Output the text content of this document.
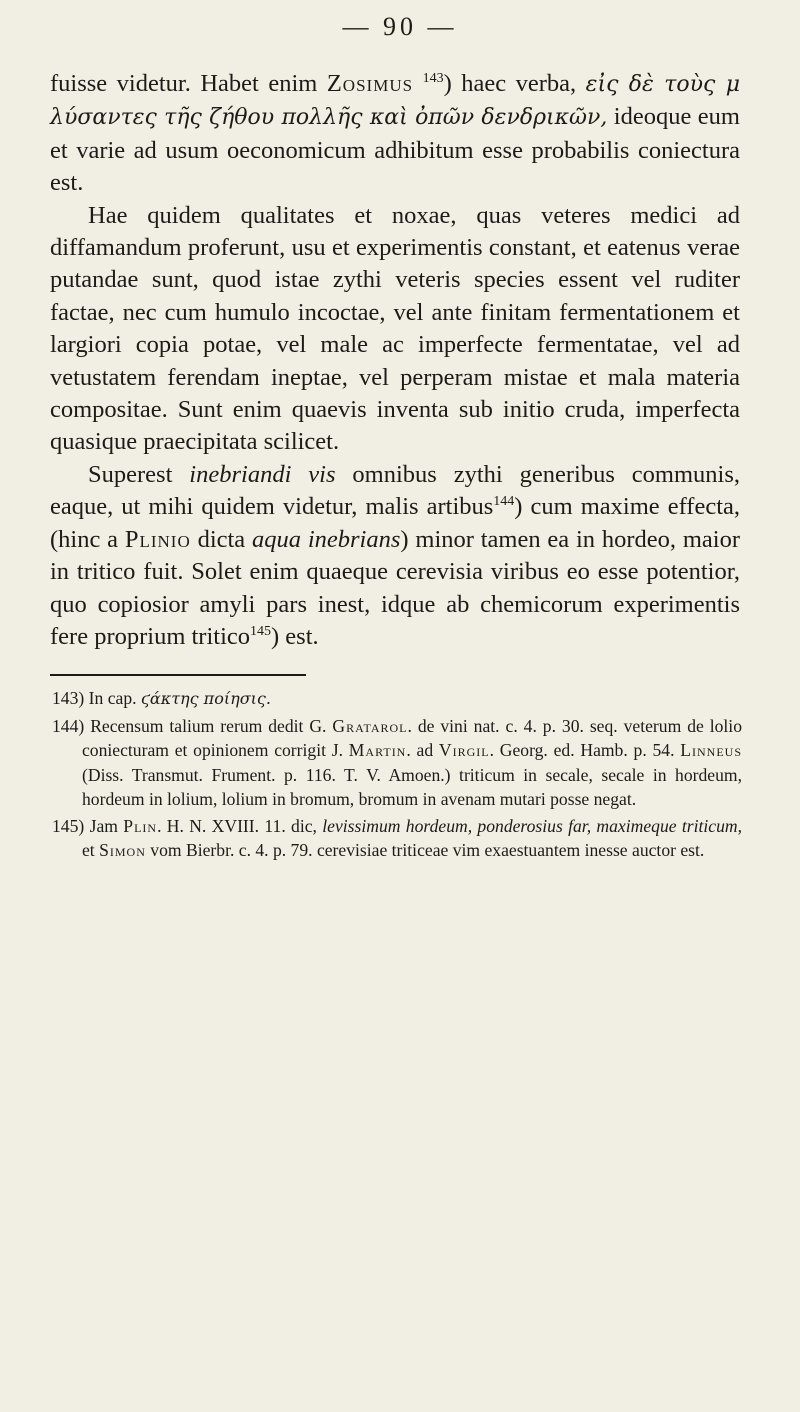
— 90 —

fuisse videtur. Habet enim Zosimus $^{143}$) haec verba, εἰς δὲ τοὺς μ λύσαντες τῆς ζήθου πολλῆς καὶ ὀπῶν δενδρικῶν, ideoque eum et varie ad usum oeconomicum adhibitum esse probabilis coniectura est.

Hae quidem qualitates et noxae, quas veteres medici ad diffamandum proferunt, usu et experimentis constant, et eatenus verae putandae sunt, quod istae zythi veteris species essent vel ruditer factae, nec cum humulo incoctae, vel ante finitam fermentationem et largiori copia potae, vel male ac imperfecte fermentatae, vel ad vetustatem ferendam ineptae, vel perperam mistae et mala materia compositae. Sunt enim quaevis inventa sub initio cruda, imperfecta quasique praecipitata scilicet.

Superest inebriandi vis omnibus zythi generibus communis, eaque, ut mihi quidem videtur, malis artibus$^{144}$) cum maxime effecta, (hinc a Plinio dicta aqua inebrians) minor tamen ea in hordeo, maior in tritico fuit. Solet enim quaeque cerevisia viribus eo esse potentior, quo copiosior amyli pars inest, idque ab chemicorum experimentis fere proprium tritico$^{145}$) est.

143) In cap. ϛάκτης ποίησις.

144) Recensum talium rerum dedit G. Gratarol. de vini nat. c. 4. p. 30. seq. veterum de lolio coniecturam et opinionem corrigit J. Martin. ad Virgil. Georg. ed. Hamb. p. 54. Linneus (Diss. Transmut. Frument. p. 116. T. V. Amoen.) triticum in secale, secale in hordeum, hordeum in lolium, lolium in bromum, bromum in avenam mutari posse negat.

145) Jam Plin. H. N. XVIII. 11. dic, levissimum hordeum, ponderosius far, maximeque triticum, et Simon vom Bierbr. c. 4. p. 79. cerevisiae triticeae vim exaestuantem inesse auctor est.
